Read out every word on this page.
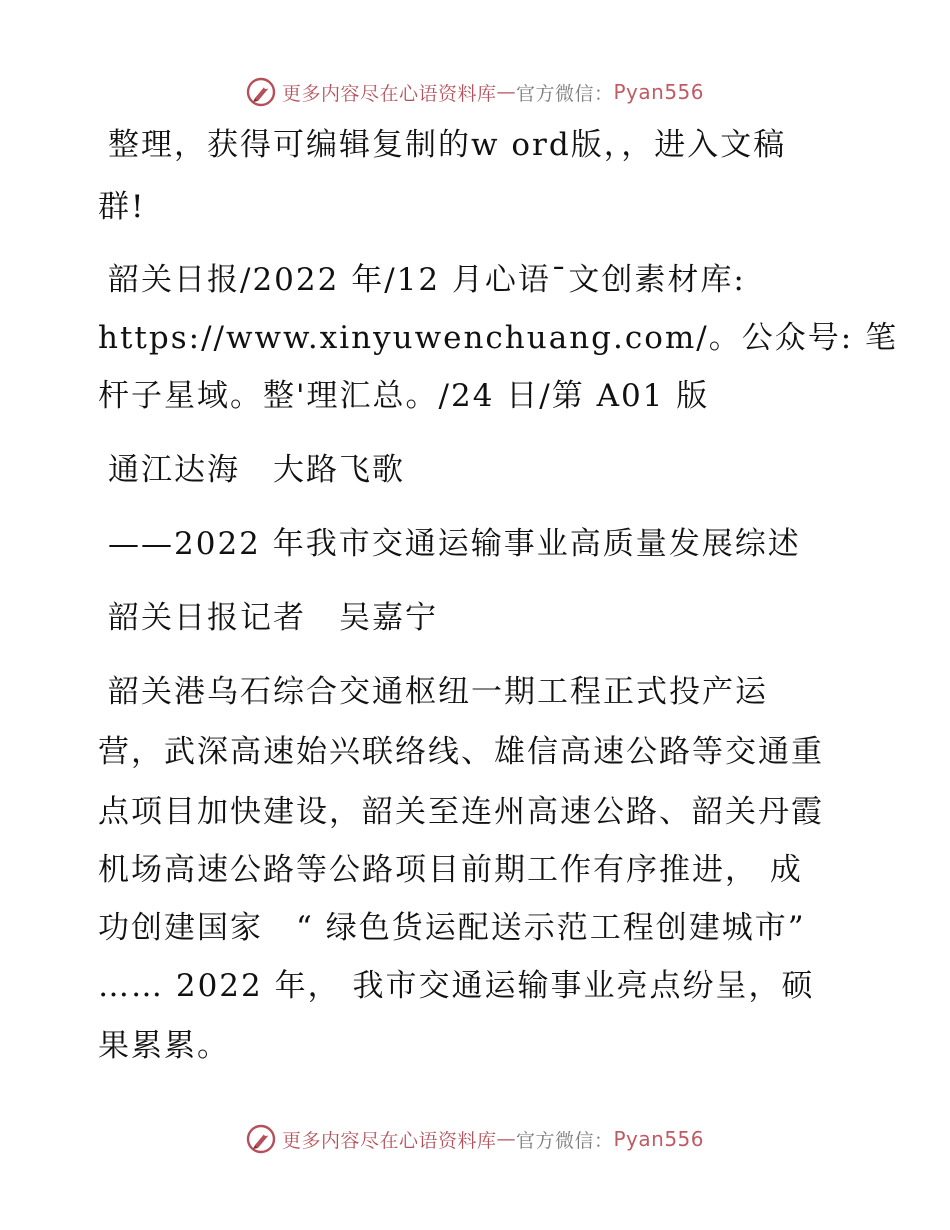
更多内容尽在心语资料库 — 官方微信： Pyan556
整理，获得可编辑复制的w ord版，，进入文稿
群!
韶关日报/2022 年/12 月心语¯文创素材库:
https://www.xinyuwenchuang.com/。公众号: 笔
杆子星域。整'理汇总。/24 日/第 A01 版
通江达海　大路飞歌
——2022 年我市交通运输事业高质量发展综述
韶关日报记者　吴嘉宁
韶关港乌石综合交通枢纽一期工程正式投产运
营，武深高速始兴联络线、雄信高速公路等交通重
点项目加快建设，韶关至连州高速公路、韶关丹霞
机场高速公路等公路项目前期工作有序推进， 成
功创建国家　“ 绿色货运配送示范工程创建城市”
…… 2022 年， 我市交通运输事业亮点纷呈，硕
果累累。
更多内容尽在心语资料库 — 官方微信： Pyan556
